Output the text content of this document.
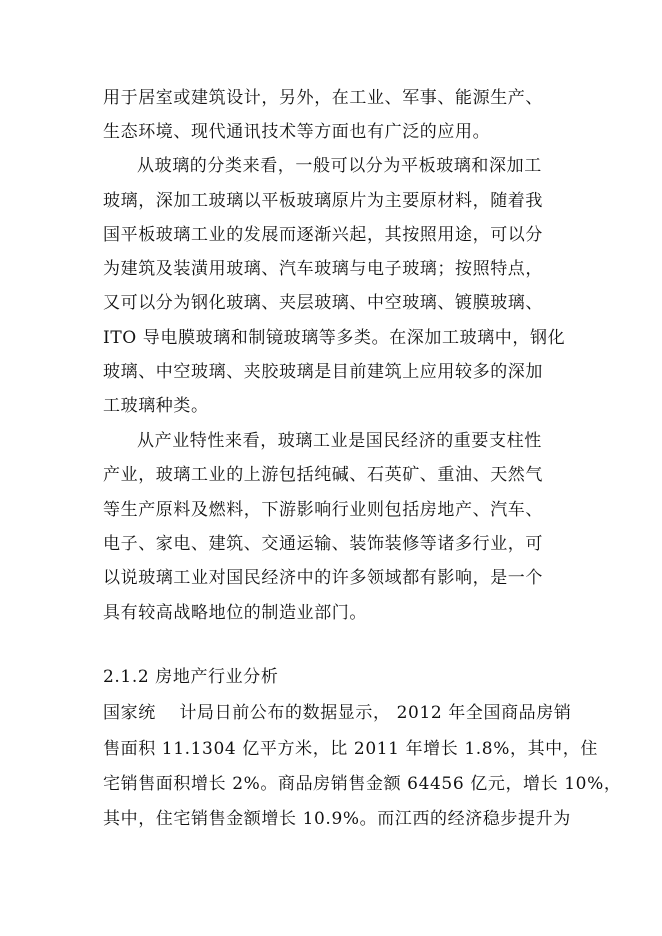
用于居室或建筑设计，另外，在工业、军事、能源生产、
生态环境、现代通讯技术等方面也有广泛的应用。
从玻璃的分类来看，一般可以分为平板玻璃和深加工
玻璃，深加工玻璃以平板玻璃原片为主要原材料，随着我
国平板玻璃工业的发展而逐渐兴起，其按照用途，可以分
为建筑及装潢用玻璃、汽车玻璃与电子玻璃；按照特点，
又可以分为钢化玻璃、夹层玻璃、中空玻璃、镀膜玻璃、
ITO 导电膜玻璃和制镜玻璃等多类。在深加工玻璃中，钢化
玻璃、中空玻璃、夹胶玻璃是目前建筑上应用较多的深加
工玻璃种类。
从产业特性来看，玻璃工业是国民经济的重要支柱性
产业，玻璃工业的上游包括纯碱、石英矿、重油、天然气
等生产原料及燃料，下游影响行业则包括房地产、汽车、
电子、家电、建筑、交通运输、装饰装修等诸多行业，可
以说玻璃工业对国民经济中的许多领域都有影响，是一个
具有较高战略地位的制造业部门。
2.1.2 房地产行业分析
国家统　 计局日前公布的数据显示， 2012 年全国商品房销
售面积 11.1304 亿平方米，比 2011 年增长 1.8%，其中，住
宅销售面积增长 2%。商品房销售金额 64456 亿元，增长 10%，
其中，住宅销售金额增长 10.9%。而江西的经济稳步提升为
